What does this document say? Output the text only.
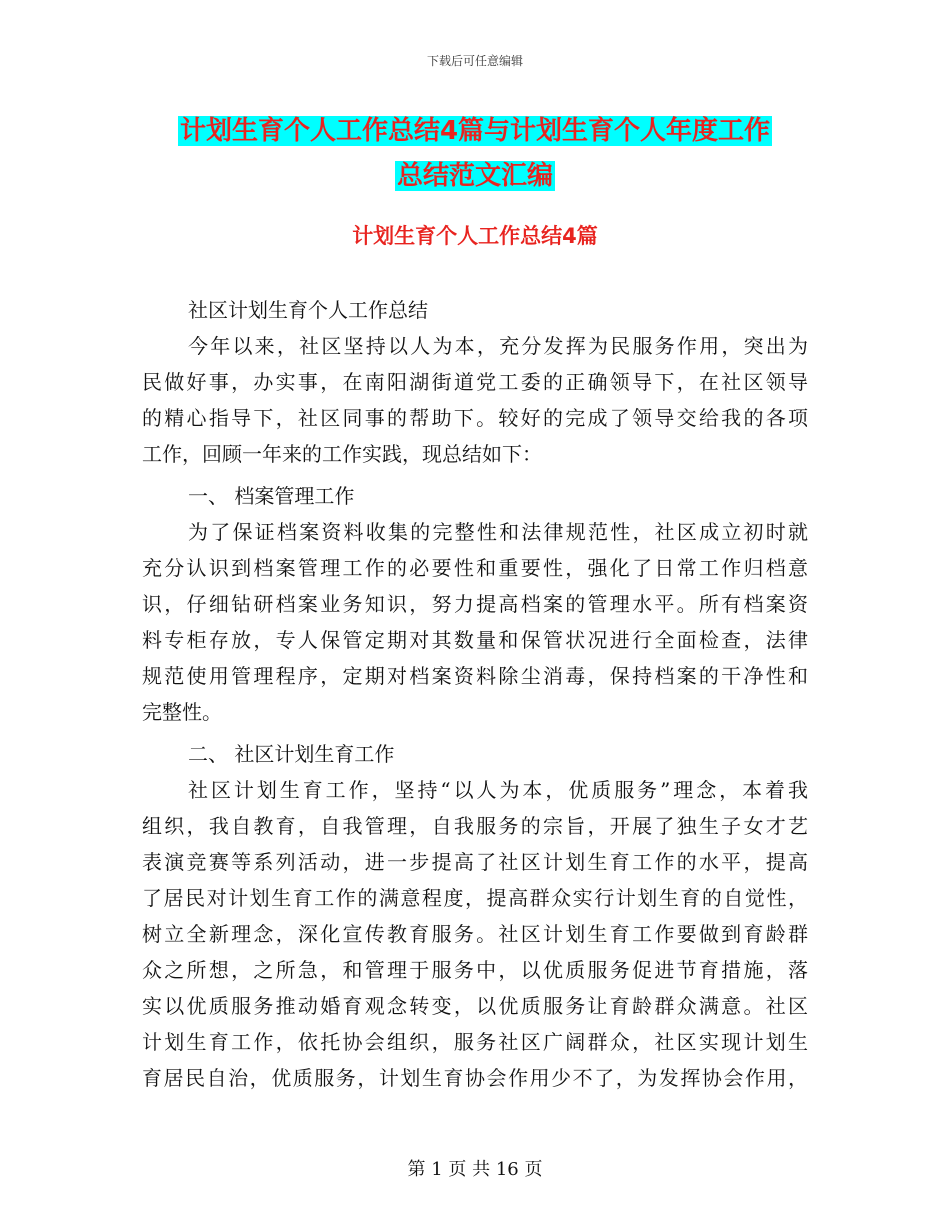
下载后可任意编辑
计划生育个人工作总结4篇与计划生育个人年度工作
总结范文汇编
计划生育个人工作总结4篇
社区计划生育个人工作总结
今年以来，社区坚持以人为本，充分发挥为民服务作用，突出为
民做好事，办实事，在南阳湖街道党工委的正确领导下，在社区领导
的精心指导下，社区同事的帮助下。较好的完成了领导交给我的各项
工作，回顾一年来的工作实践，现总结如下：
一、 档案管理工作
为了保证档案资料收集的完整性和法律规范性，社区成立初时就
充分认识到档案管理工作的必要性和重要性，强化了日常工作归档意
识，仔细钻研档案业务知识，努力提高档案的管理水平。所有档案资
料专柜存放，专人保管定期对其数量和保管状况进行全面检查，法律
规范使用管理程序，定期对档案资料除尘消毒，保持档案的干净性和
完整性。
二、 社区计划生育工作
社区计划生育工作，坚持“以人为本，优质服务”理念，本着我
组织，我自教育，自我管理，自我服务的宗旨，开展了独生子女才艺
表演竞赛等系列活动，进一步提高了社区计划生育工作的水平，提高
了居民对计划生育工作的满意程度，提高群众实行计划生育的自觉性，
树立全新理念，深化宣传教育服务。社区计划生育工作要做到育龄群
众之所想，之所急，和管理于服务中，以优质服务促进节育措施，落
实以优质服务推动婚育观念转变，以优质服务让育龄群众满意。社区
计划生育工作，依托协会组织，服务社区广阔群众，社区实现计划生
育居民自治，优质服务，计划生育协会作用少不了，为发挥协会作用，
第 1 页 共 16 页
